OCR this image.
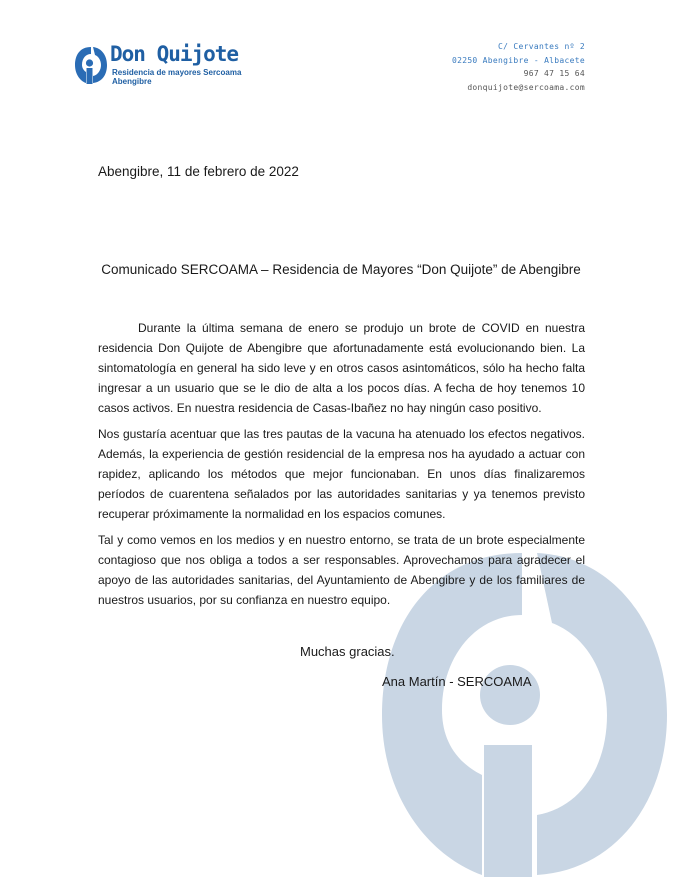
Don Quijote
Residencia de mayores Sercoama
Abengibre
C/ Cervantes nº 2
02250 Abengibre - Albacete
967 47 15 64
donquijote@sercoama.com
Abengibre, 11 de febrero de 2022
Comunicado SERCOAMA – Residencia de Mayores “Don Quijote” de Abengibre

Durante la última semana de enero se produjo un brote de COVID en nuestra residencia Don Quijote de Abengibre que afortunadamente está evolucionando bien. La sintomatología en general ha sido leve y en otros casos asintomáticos, sólo ha hecho falta ingresar a un usuario que se le dio de alta a los pocos días. A fecha de hoy tenemos 10 casos activos. En nuestra residencia de Casas-Ibañez no hay ningún caso positivo.

Nos gustaría acentuar que las tres pautas de la vacuna ha atenuado los efectos negativos. Además, la experiencia de gestión residencial de la empresa nos ha ayudado a actuar con rapidez, aplicando los métodos que mejor funcionaban. En unos días finalizaremos períodos de cuarentena señalados por las autoridades sanitarias y ya tenemos previsto recuperar próximamente la normalidad en los espacios comunes.

Tal y como vemos en los medios y en nuestro entorno, se trata de un brote especialmente contagioso que nos obliga a todos a ser responsables. Aprovechamos para agradecer el apoyo de las autoridades sanitarias, del Ayuntamiento de Abengibre y de los familiares de nuestros usuarios, por su confianza en nuestro equipo.

Muchas gracias.
Ana Martín - SERCOAMA
